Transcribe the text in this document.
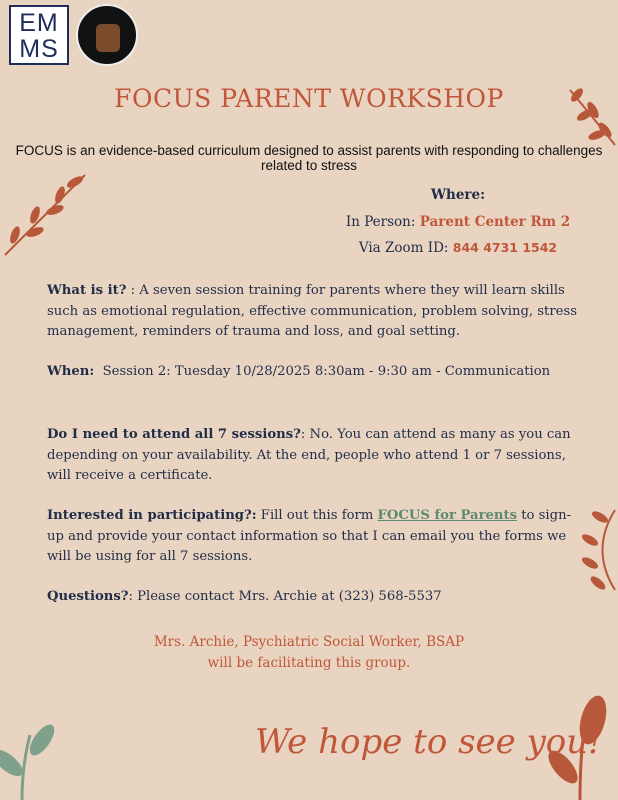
EM
MS
FOCUS PARENT WORKSHOP
FOCUS is an evidence-based curriculum designed to assist parents with responding to challenges related to stress
Where:
In Person: Parent Center Rm 2
Via Zoom ID: 844 4731 1542

What is it? : A seven session training for parents where they will learn skills such as emotional regulation, effective communication, problem solving, stress management, reminders of trauma and loss, and goal setting.

When:  Session 2: Tuesday 10/28/2025 8:30am - 9:30 am - Communication

Do I need to attend all 7 sessions?: No. You can attend as many as you can depending on your availability. At the end, people who attend 1 or 7 sessions, will receive a certificate.

Interested in participating?: Fill out this form FOCUS for Parents to sign-up and provide your contact information so that I can email you the forms we will be using for all 7 sessions.

Questions?: Please contact Mrs. Archie at (323) 568-5537

Mrs. Archie, Psychiatric Social Worker, BSAP
will be facilitating this group.
We hope to see you!
